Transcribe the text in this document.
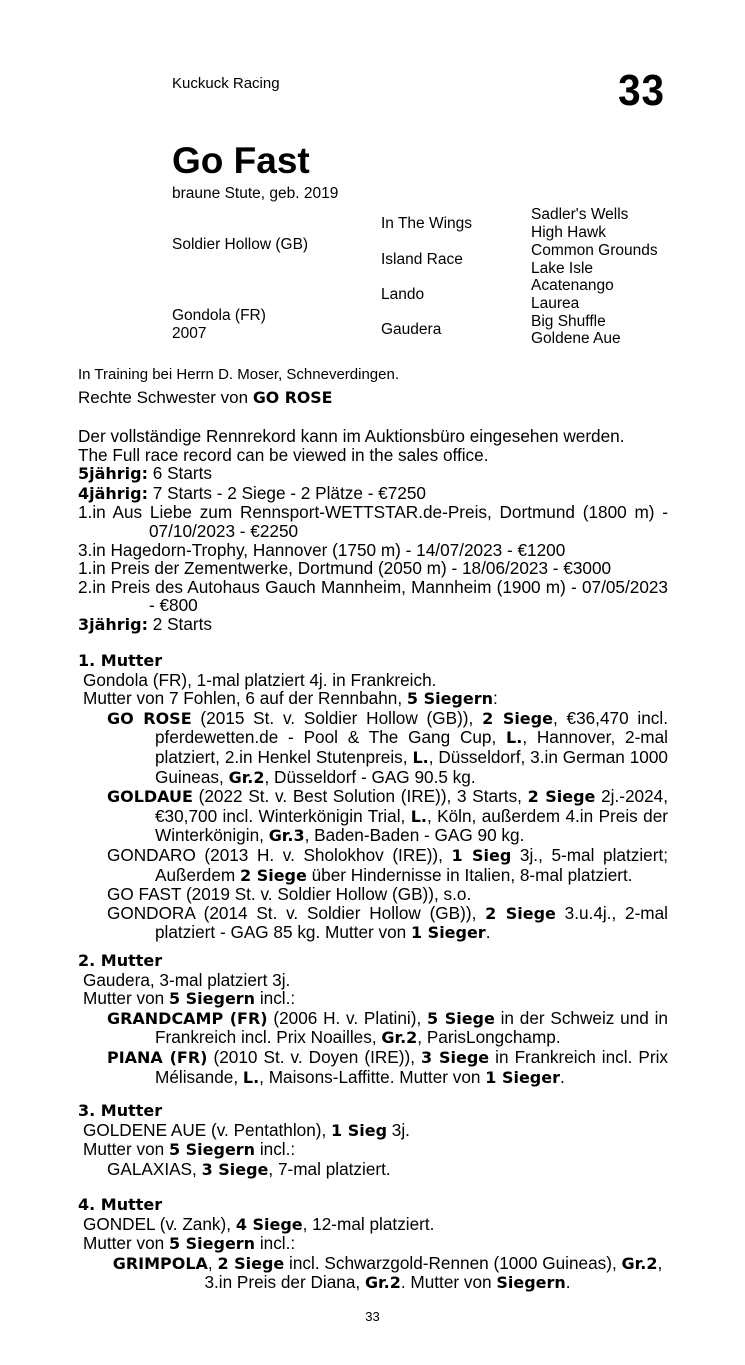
Kuckuck Racing	33
Go Fast
braune Stute, geb. 2019
Soldier Hollow (GB)
Gondola (FR)
2007
In The Wings
Island Race
Lando
Gaudera
Sadler's Wells
High Hawk
Common Grounds
Lake Isle
Acatenango
Laurea
Big Shuffle
Goldene Aue
In Training bei Herrn D. Moser, Schneverdingen.
Rechte Schwester von GO ROSE

Der vollständige Rennrekord kann im Auktionsbüro eingesehen werden.

The Full race record can be viewed in the sales office.

5jährig: 6 Starts

4jährig: 7 Starts - 2 Siege - 2 Plätze - €7250

1.in Aus Liebe zum Rennsport-WETTSTAR.de-Preis, Dortmund (1800 m) - 07/10/2023 - €2250

3.in Hagedorn-Trophy, Hannover (1750 m) - 14/07/2023 - €1200

1.in Preis der Zementwerke, Dortmund (2050 m) - 18/06/2023 - €3000

2.in Preis des Autohaus Gauch Mannheim, Mannheim (1900 m) - 07/05/2023 - €800

3jährig: 2 Starts

1. Mutter

Gondola (FR), 1-mal platziert 4j. in Frankreich.

Mutter von 7 Fohlen, 6 auf der Rennbahn, 5 Siegern:

GO ROSE (2015 St. v. Soldier Hollow (GB)), 2 Siege, €36,470 incl. pferdewetten.de - Pool & The Gang Cup, L., Hannover, 2-mal platziert, 2.in Henkel Stutenpreis, L., Düsseldorf, 3.in German 1000 Guineas, Gr.2, Düsseldorf - GAG 90.5 kg.

GOLDAUE (2022 St. v. Best Solution (IRE)), 3 Starts, 2 Siege 2j.-2024, €30,700 incl. Winterkönigin Trial, L., Köln, außerdem 4.in Preis der Winterkönigin, Gr.3, Baden-Baden - GAG 90 kg.

GONDARO (2013 H. v. Sholokhov (IRE)), 1 Sieg 3j., 5-mal platziert; Außerdem 2 Siege über Hindernisse in Italien, 8-mal platziert.

GO FAST (2019 St. v. Soldier Hollow (GB)), s.o.

GONDORA (2014 St. v. Soldier Hollow (GB)), 2 Siege 3.u.4j., 2-mal platziert - GAG 85 kg. Mutter von 1 Sieger.

2. Mutter

Gaudera, 3-mal platziert 3j.

Mutter von 5 Siegern incl.:

GRANDCAMP (FR) (2006 H. v. Platini), 5 Siege in der Schweiz und in Frankreich incl. Prix Noailles, Gr.2, ParisLongchamp.

PIANA (FR) (2010 St. v. Doyen (IRE)), 3 Siege in Frankreich incl. Prix Mélisande, L., Maisons-Laffitte. Mutter von 1 Sieger.

3. Mutter

GOLDENE AUE (v. Pentathlon), 1 Sieg 3j.

Mutter von 5 Siegern incl.:

GALAXIAS, 3 Siege, 7-mal platziert.

4. Mutter

GONDEL (v. Zank), 4 Siege, 12-mal platziert.

Mutter von 5 Siegern incl.:

GRIMPOLA, 2 Siege incl. Schwarzgold-Rennen (1000 Guineas), Gr.2, 3.in Preis der Diana, Gr.2. Mutter von Siegern.

33
